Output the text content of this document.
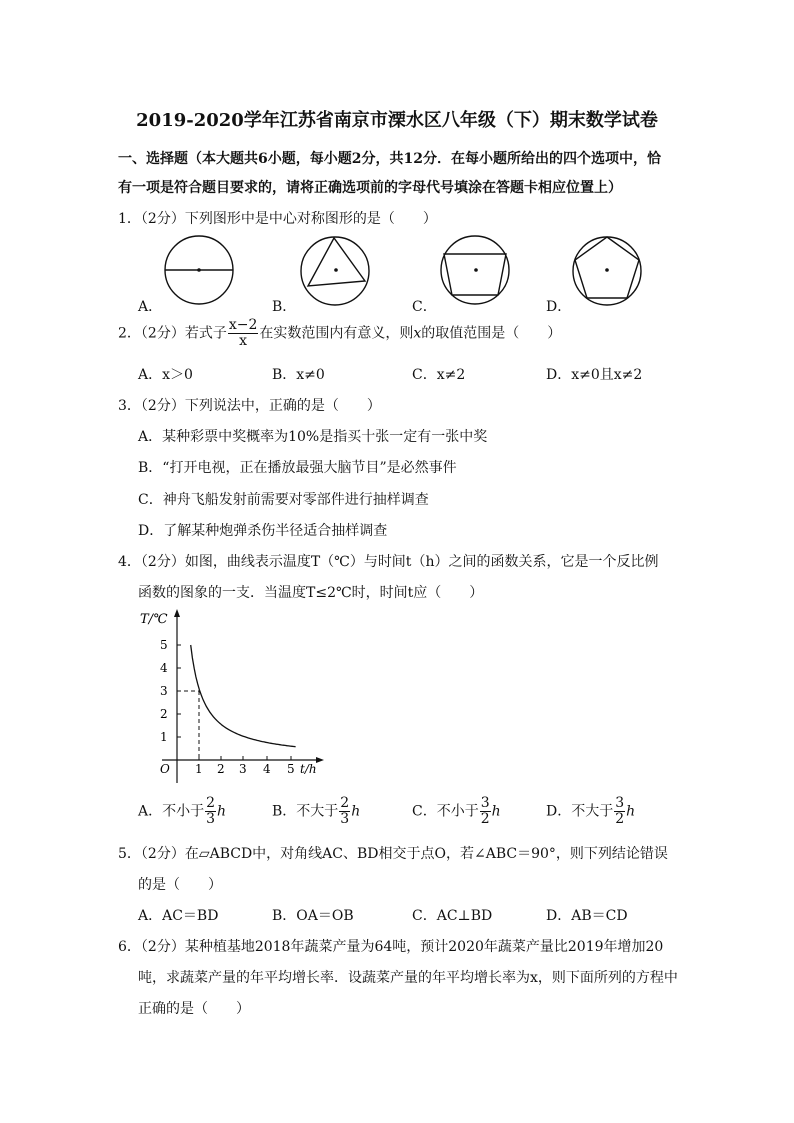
2019-2020学年江苏省南京市溧水区八年级（下）期末数学试卷
一、选择题（本大题共6小题，每小题2分，共12分．在每小题所给出的四个选项中，恰
有一项是符合题目要求的，请将正确选项前的字母代号填涂在答题卡相应位置上）
1．（2分）下列图形中是中心对称图形的是（　　）
A．	B．	C．	D．
2．（2分）若式子 $\frac{x-2}{x}$ 在实数范围内有意义，则x的取值范围是（　　）
A．x＞0	B．x≠0	C．x≠2	D．x≠0且x≠2
3．（2分）下列说法中，正确的是（　　）
A．某种彩票中奖概率为10%是指买十张一定有一张中奖
B．“打开电视，正在播放最强大脑节目”是必然事件
C．神舟飞船发射前需要对零部件进行抽样调查
D．了解某种炮弹杀伤半径适合抽样调查
4．（2分）如图，曲线表示温度T（℃）与时间t（h）之间的函数关系，它是一个反比例
函数的图象的一支．当温度T≤2℃时，时间t应（　　）
T/℃
5
4
3
2
1
O 1 2 3 4 5 t/h
A．不小于 $\frac{2}{3}$ h	B．不大于 $\frac{2}{3}$ h	C．不小于 $\frac{3}{2}$ h	D．不大于 $\frac{3}{2}$ h
5．（2分）在▱ABCD中，对角线AC、BD相交于点O，若∠ABC＝90°，则下列结论错误
的是（　　）
A．AC＝BD	B．OA＝OB	C．AC⊥BD	D．AB＝CD
6．（2分）某种植基地2018年蔬菜产量为64吨，预计2020年蔬菜产量比2019年增加20
吨，求蔬菜产量的年平均增长率．设蔬菜产量的年平均增长率为x，则下面所列的方程中
正确的是（　　）
